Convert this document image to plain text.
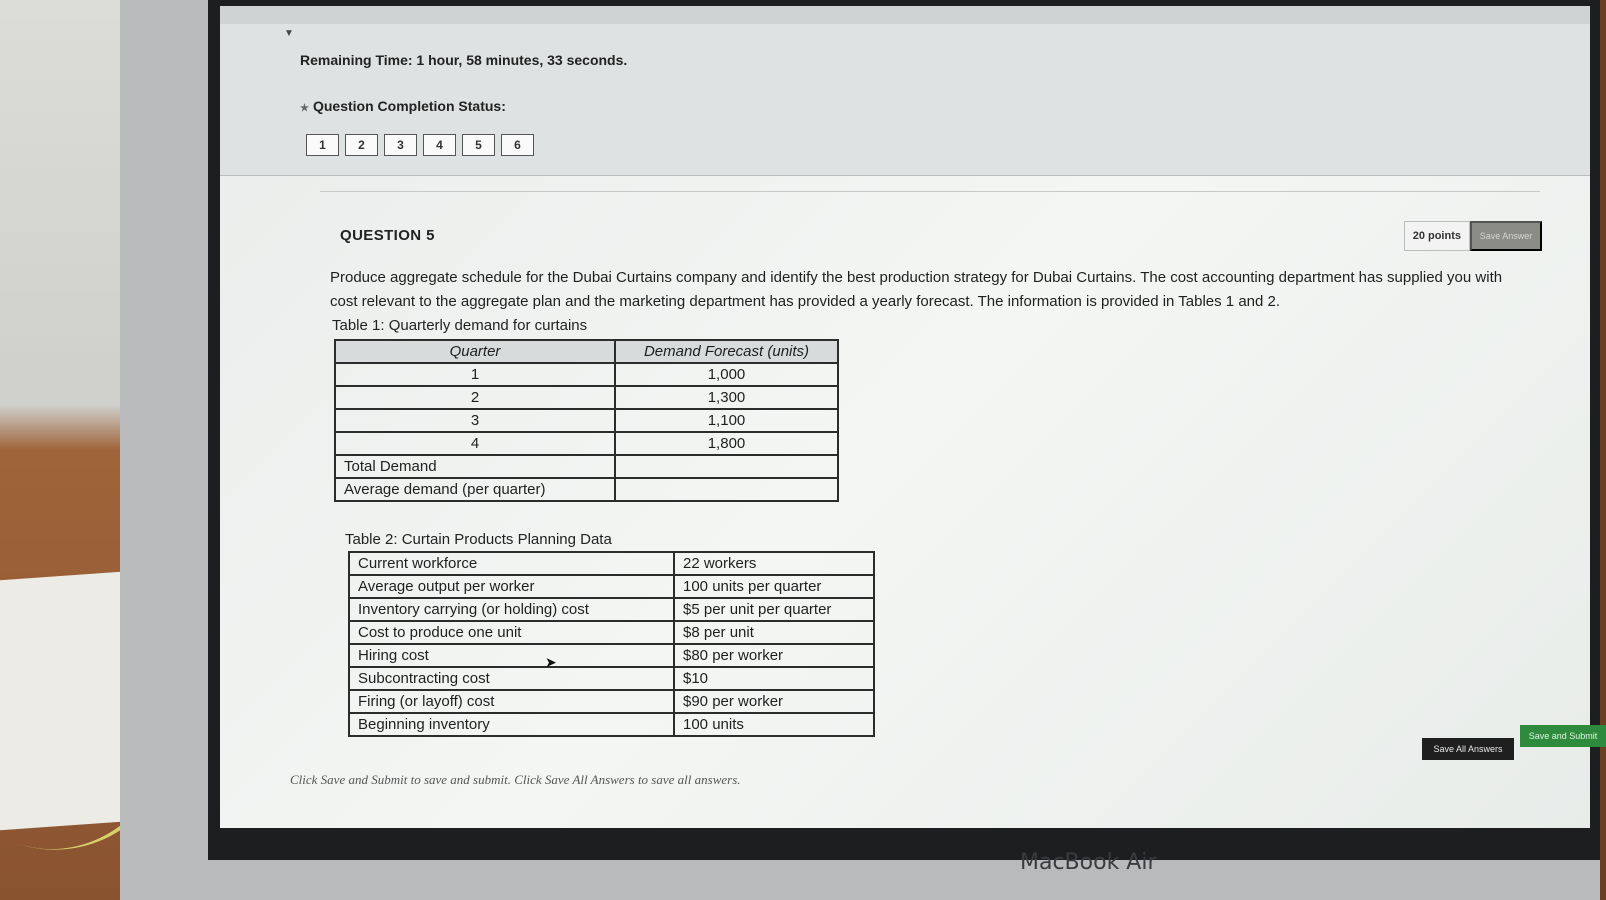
▼
Remaining Time: 1 hour, 58 minutes, 33 seconds.
★ Question Completion Status:
1	2	3	4	5	6
QUESTION 5	20 points	Save Answer
Produce aggregate schedule for the Dubai Curtains company and identify the best production strategy for Dubai Curtains. The cost accounting department has supplied you with cost relevant to the aggregate plan and the marketing department has provided a yearly forecast. The information is provided in Tables 1 and 2.
Table 1: Quarterly demand for curtains
Quarter	Demand Forecast (units)
1	1,000
2	1,300
3	1,100
4	1,800
Total Demand	
Average demand (per quarter)	
Table 2: Curtain Products Planning Data
Current workforce	22 workers
Average output per worker	100 units per quarter
Inventory carrying (or holding) cost	$5 per unit per quarter
Cost to produce one unit	$8 per unit
Hiring cost	$80 per worker
Subcontracting cost	$10
Firing (or layoff) cost	$90 per worker
Beginning inventory	100 units
➤
Click Save and Submit to save and submit. Click Save All Answers to save all answers.
Save All Answers
Save and Submit
MacBook Air
